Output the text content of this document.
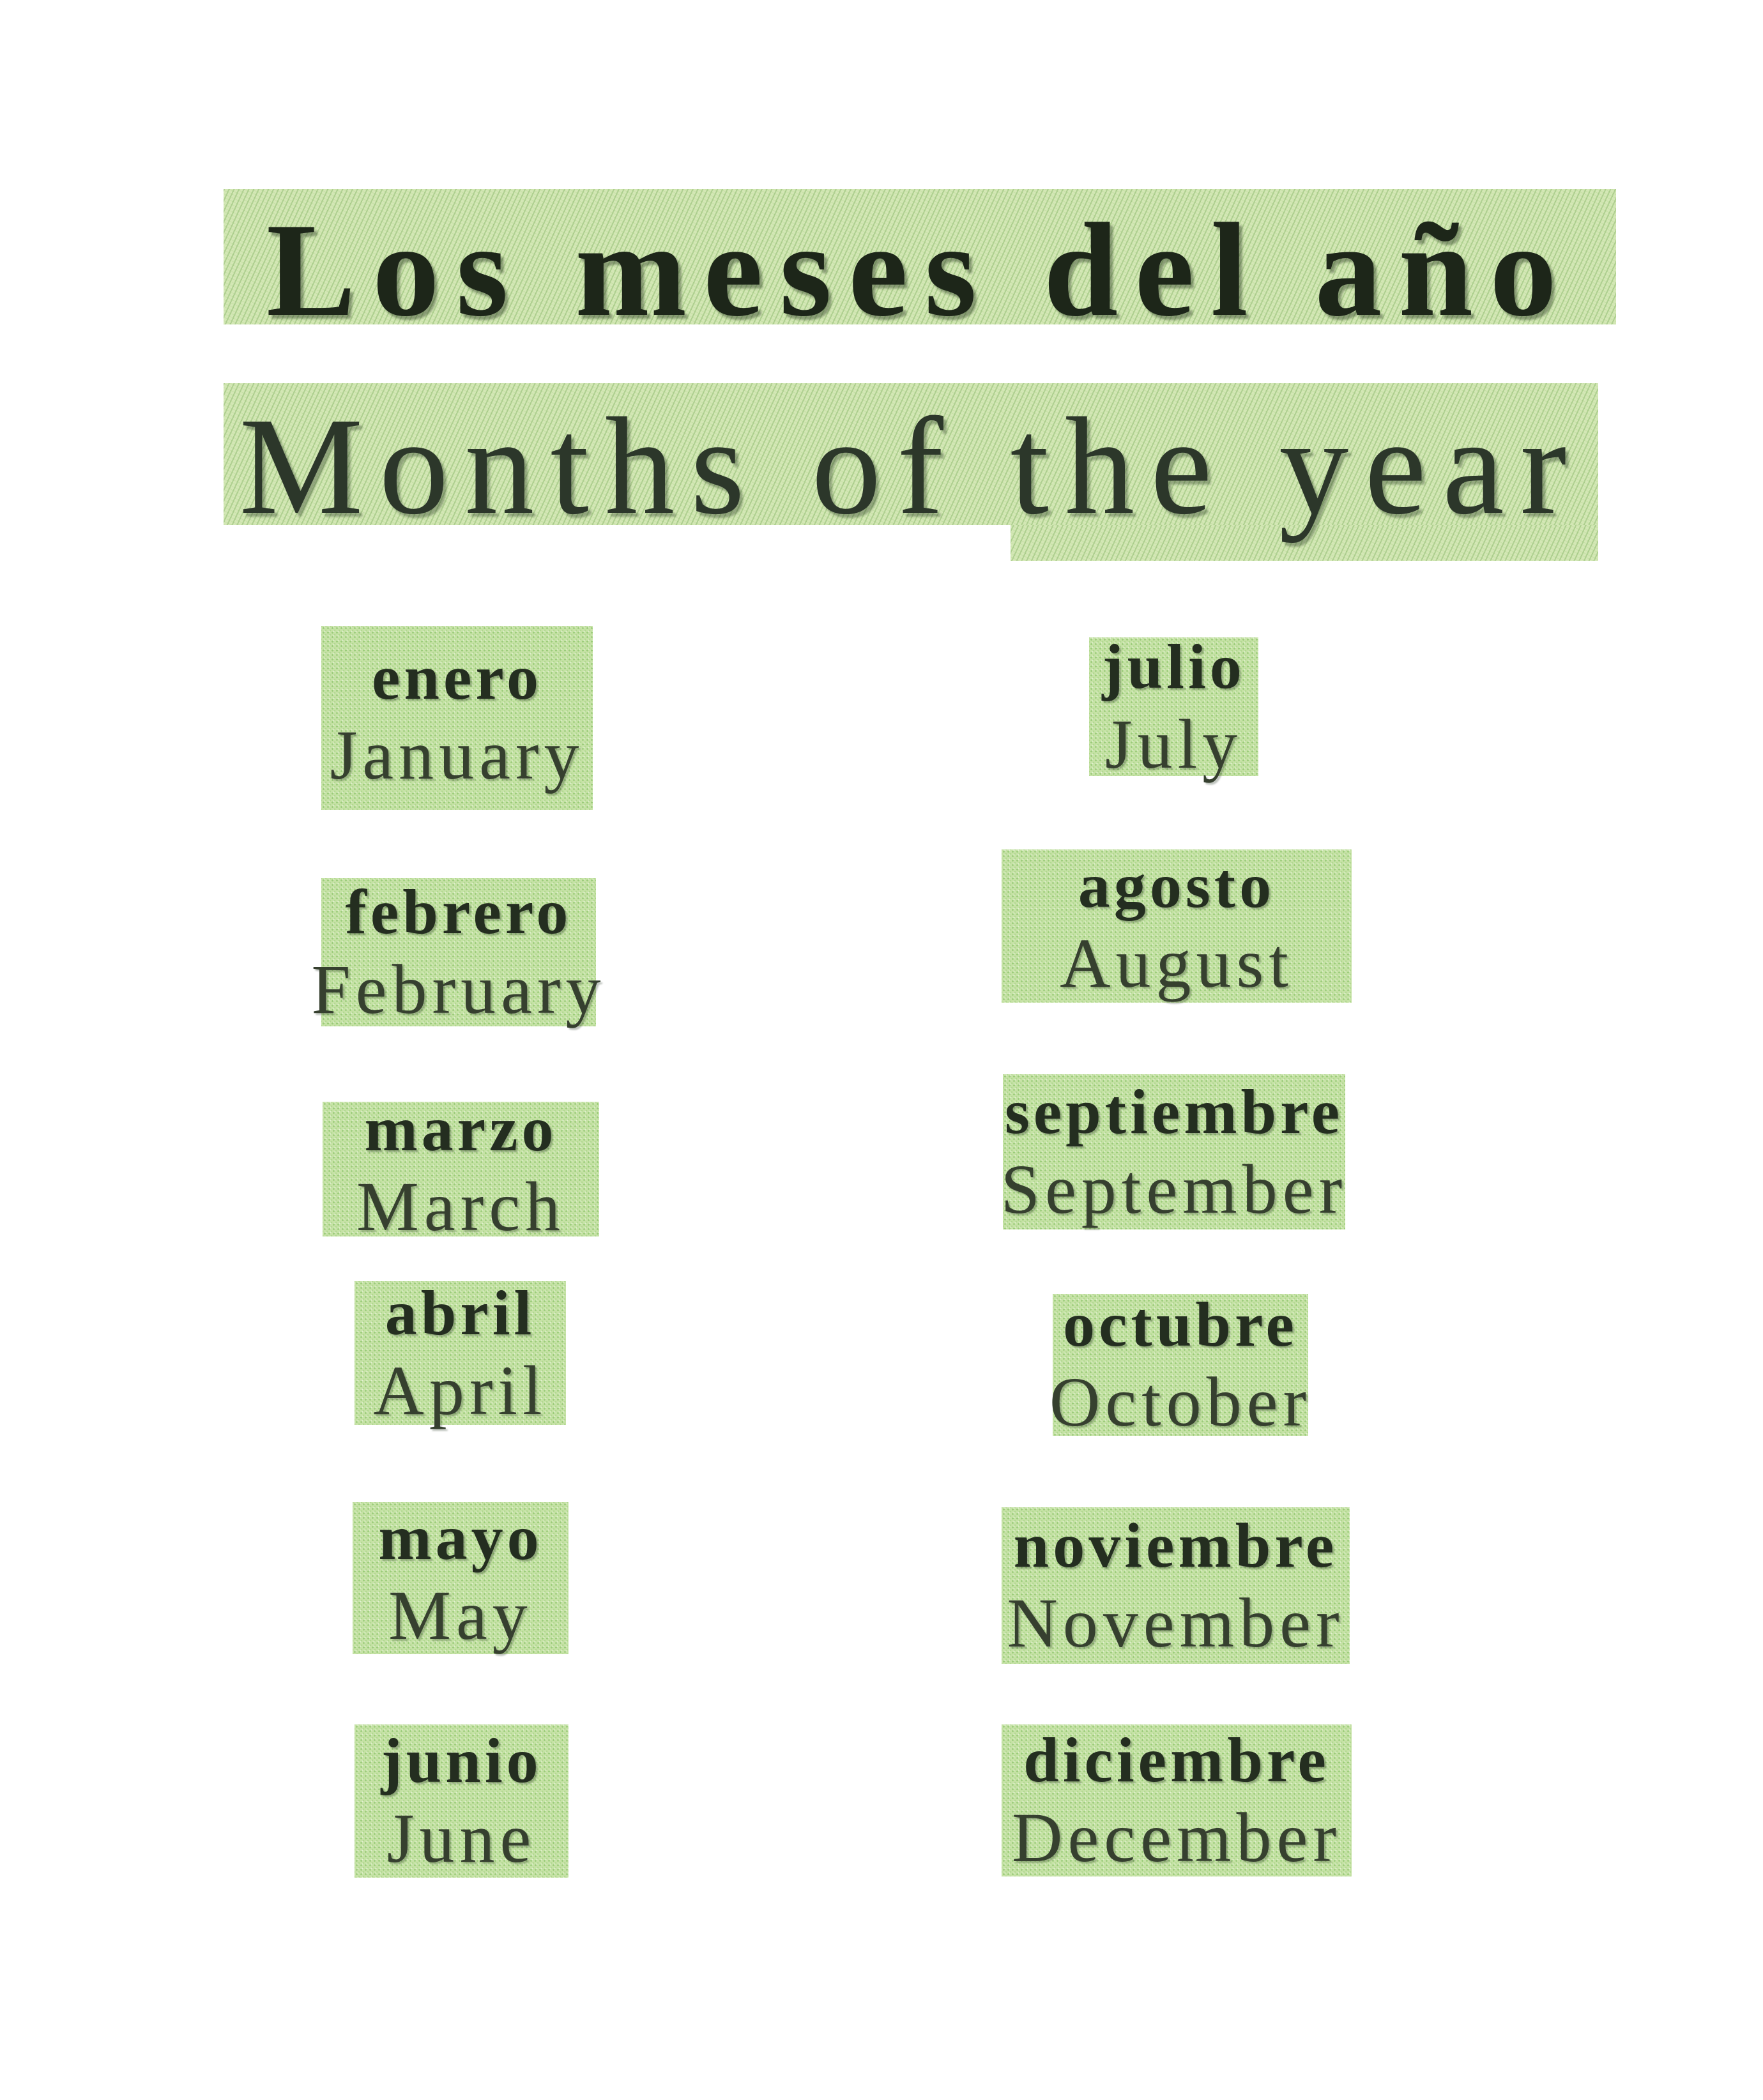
Los meses del año
Months of the year
enero
January
febrero
February
marzo
March
abril
April
mayo
May
junio
June
julio
July
agosto
August
septiembre
September
octubre
October
noviembre
November
diciembre
December
